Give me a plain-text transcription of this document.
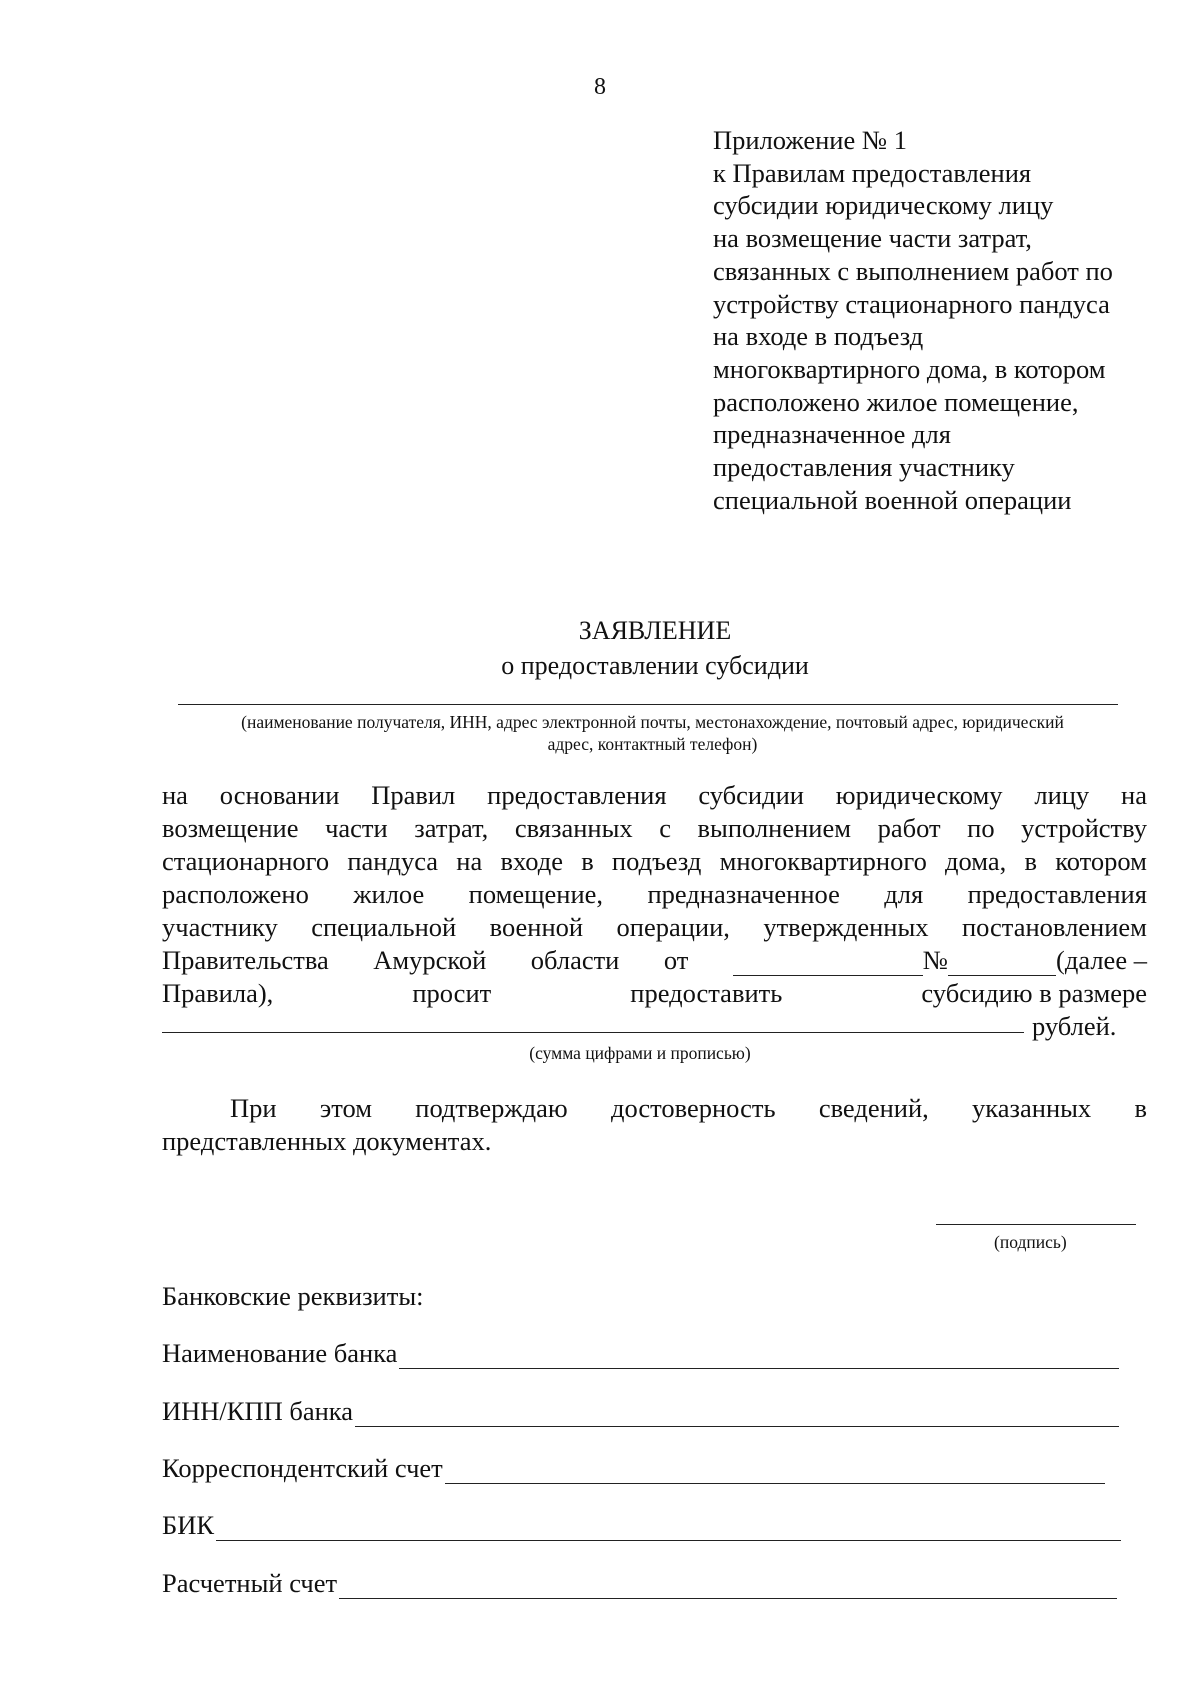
8
Приложение № 1
к Правилам предоставления
субсидии юридическому лицу
на возмещение части затрат,
связанных с выполнением работ по
устройству стационарного пандуса
на входе в подъезд
многоквартирного дома, в котором
расположено жилое помещение,
предназначенное для
предоставления участнику
специальной военной операции
ЗАЯВЛЕНИЕ
о предоставлении субсидии
(наименование получателя, ИНН, адрес электронной почты, местонахождение, почтовый адрес, юридический
адрес, контактный телефон)
на основании Правил предоставления субсидии юридическому лицу на
возмещение части затрат, связанных с выполнением работ по устройству
стационарного пандуса на входе в подъезд многоквартирного дома, в котором
расположено жилое помещение, предназначенное для предоставления
участнику специальной военной операции, утвержденных постановлением
Правительства Амурской области от	№	(далее –
Правила),	просит	предоставить	субсидию в размере
рублей.
(сумма цифрами и прописью)
При этом подтверждаю достоверность сведений, указанных в
представленных документах.
(подпись)
Банковские реквизиты:
Наименование банка
ИНН/КПП банка
Корреспондентский счет
БИК
Расчетный счет
